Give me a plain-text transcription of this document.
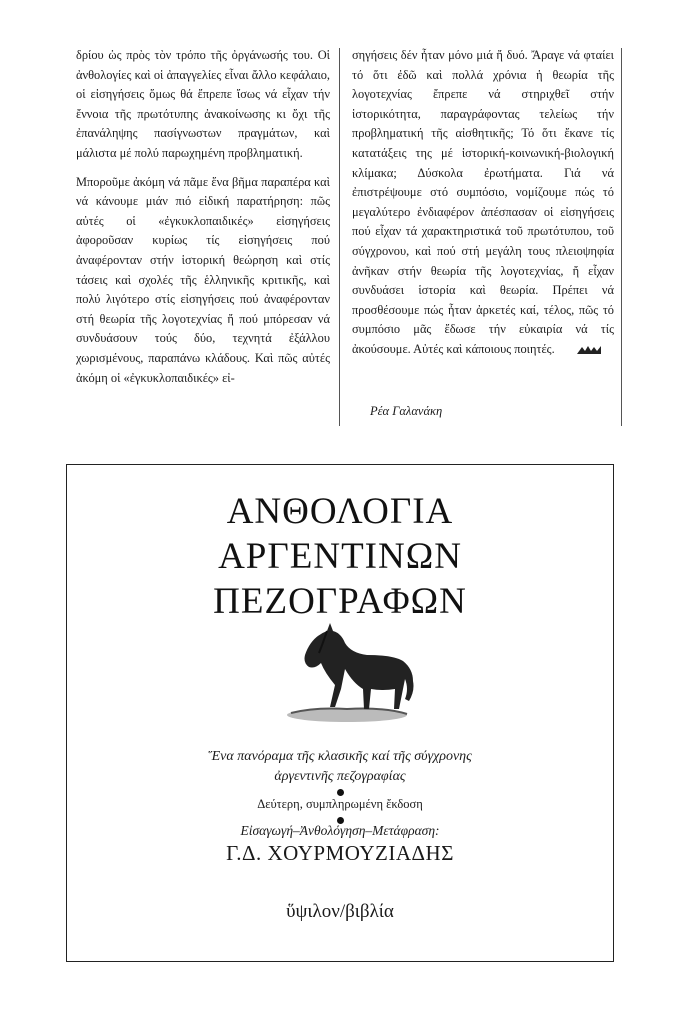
δρίου ὡς πρὸς τὸν τρόπο τῆς ὀργάνωσής του. Οἱ ἀνθολογίες καὶ οἱ ἀπαγγελίες εἶναι ἄλλο κεφάλαιο, οἱ εἰσηγήσεις ὅμως θά ἔπρεπε ἴσως νά εἶχαν τήν ἔννοια τῆς πρωτότυπης ἀνακοίνωσης κι ὄχι τῆς ἐπανάληψης πασίγνωστων πραγμάτων, καὶ μάλιστα μέ πολύ παρωχημένη προβληματική.

Μποροῦμε ἀκόμη νά πᾶμε ἕνα βῆμα παραπέρα καὶ νά κάνουμε μιάν πιό εἰδική παρατήρηση: πῶς αὐτές οἱ «ἐγκυκλοπαιδικές» εἰσηγήσεις ἀφοροῦσαν κυρίως τίς εἰσηγήσεις πού ἀναφέρονταν στήν ἱστορική θεώρηση καὶ στίς τάσεις καὶ σχολές τῆς ἑλληνικῆς κριτικῆς, καὶ πολύ λιγότερο στίς εἰσηγήσεις πού ἀναφέρονταν στή θεωρία τῆς λογοτεχνίας ἤ πού μπόρεσαν νά συνδυάσουν τούς δύο, τεχνητά ἐξάλλου χωρισμένους, παραπάνω κλάδους. Καὶ πῶς αὐτές ἀκόμη οἱ «ἐγκυκλοπαιδικές» εἰ-

σηγήσεις δέν ἦταν μόνο μιά ἤ δυό. Ἄραγε νά φταίει τό ὅτι ἐδῶ καὶ πολλά χρόνια ἡ θεωρία τῆς λογοτεχνίας ἔπρεπε νά στηριχθεῖ στήν ἱστορικότητα, παραγράφοντας τελείως τήν προβληματική τῆς αἰσθητικῆς; Τό ὅτι ἔκανε τίς κατατάξεις της μέ ἱστορική-κοινωνική-βιολογική κλίμακα; Δύσκολα ἐρωτήματα. Γιά νά ἐπιστρέψουμε στό συμπόσιο, νομίζουμε πώς τό μεγαλύτερο ἐνδιαφέρον ἀπέσπασαν οἱ εἰσηγήσεις πού εἶχαν τά χαρακτηριστικά τοῦ πρωτότυπου, τοῦ σύγχρονου, καὶ πού στή μεγάλη τους πλειοψηφία ἀνῆκαν στήν θεωρία τῆς λογοτεχνίας, ἤ εἶχαν συνδυάσει ἱστορία καὶ θεωρία. Πρέπει νά προσθέσουμε πώς ἦταν ἀρκετές καί, τέλος, πῶς τό συμπόσιο μᾶς ἔδωσε τήν εὐκαιρία νά τίς ἀκούσουμε. Αὐτές καὶ κάποιους ποιητές.

Ρέα Γαλανάκη
ΑΝΘΟΛΟΓΙΑ
ΑΡΓΕΝΤΙΝΩΝ
ΠΕΖΟΓΡΑΦΩΝ
Ἕνα πανόραμα τῆς κλασικῆς καί τῆς σύγχρονης
ἀργεντινῆς πεζογραφίας
Δεύτερη, συμπληρωμένη ἔκδοση
Εἰσαγωγή–Ἀνθολόγηση–Μετάφραση:
Γ.Δ. ΧΟΥΡΜΟΥΖΙΑΔΗΣ
ὕψιλον/βιβλία
